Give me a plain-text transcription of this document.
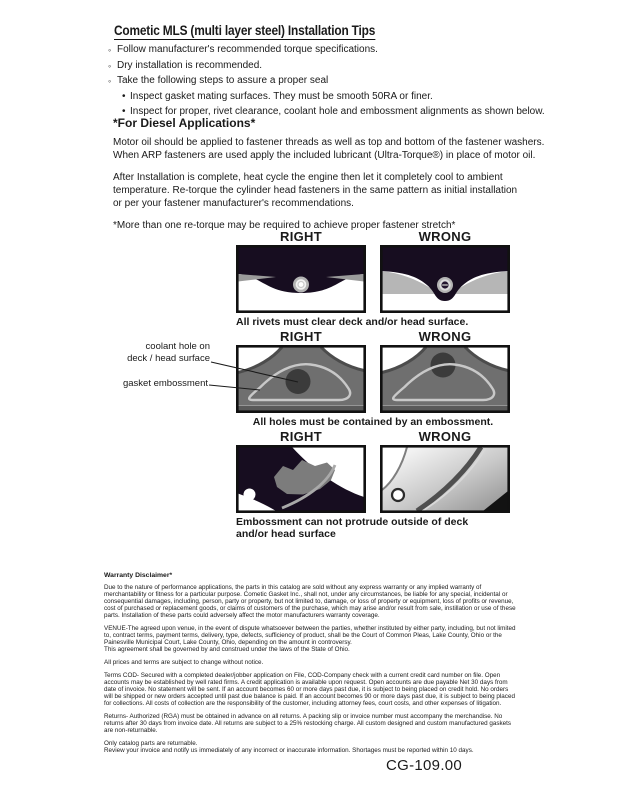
Cometic MLS (multi layer steel) Installation Tips
◦ Follow manufacturer's recommended torque specifications.
◦ Dry installation is recommended.
◦ Take the following steps to assure a proper seal
• Inspect gasket mating surfaces. They must be smooth 50RA or finer.
• Inspect for proper, rivet clearance, coolant hole and embossment alignments as shown below.
*For Diesel Applications*

Motor oil should be applied to fastener threads as well as top and bottom of the fastener washers.
When ARP fasteners are used apply the included lubricant (Ultra-Torque®) in place of motor oil.

After Installation is complete, heat cycle the engine then let it completely cool to ambient
temperature. Re-torque the cylinder head fasteners in the same pattern as initial installation
or per your fastener manufacturer's recommendations.

*More than one re-torque may be required to achieve proper fastener stretch*

RIGHT	WRONG
All rivets must clear deck and/or head surface.
RIGHT	WRONG
All holes must be contained by an embossment.
RIGHT	WRONG
Embossment can not protrude outside of deck
and/or head surface
coolant hole on
deck / head surface
gasket embossment
Warranty Disclaimer*

Due to the nature of performance applications, the parts in this catalog are sold without any express warranty or any implied warranty of merchantability or fitness for a particular purpose. Cometic Gasket Inc., shall not, under any circumstances, be liable for any special, incidental or consequential damages, including, person, party or property, but not limited to, damage, or loss of property or equipment, loss of profits or revenue, cost of purchased or replacement goods, or claims of customers of the purchase, which may arise and/or result from sale, instillation or use of these parts. Installation of these parts could adversely affect the motor manufacturers warranty coverage.

VENUE-The agreed upon venue, in the event of dispute whatsoever between the parties, whether instituted by either party, including, but not limited to, contract terms, payment terms, delivery, type, defects, sufficiency of product, shall be the Court of Common Pleas, Lake County, Ohio or the Painesville Municipal Court, Lake County, Ohio, depending on the amount in controversy.
This agreement shall be governed by and construed under the laws of the State of Ohio.

All prices and terms are subject to change without notice.

Terms COD- Secured with a completed dealer/jobber application on File, COD-Company check with a current credit card number on file. Open accounts may be established by well rated firms. A credit application is available upon request. Open accounts are due payable Net 30 days from date of invoice. No statement will be sent. If an account becomes 60 or more days past due, it is subject to being placed on credit hold. No orders will be shipped or new orders accepted until past due balance is paid. If an account becomes 90 or more days past due, it is subject to being placed for collections. All costs of collection are the responsibility of the customer, including attorney fees, court costs, and other expenses of litigation.

Returns- Authorized (RGA) must be obtained in advance on all returns. A packing slip or invoice number must accompany the merchandise. No returns after 30 days from invoice date. All returns are subject to a 25% restocking charge. All custom designed and custom manufactured gaskets are non-returnable.

Only catalog parts are returnable.
Review your invoice and notify us immediately of any incorrect or inaccurate information. Shortages must be reported within 10 days.

CG-109.00
